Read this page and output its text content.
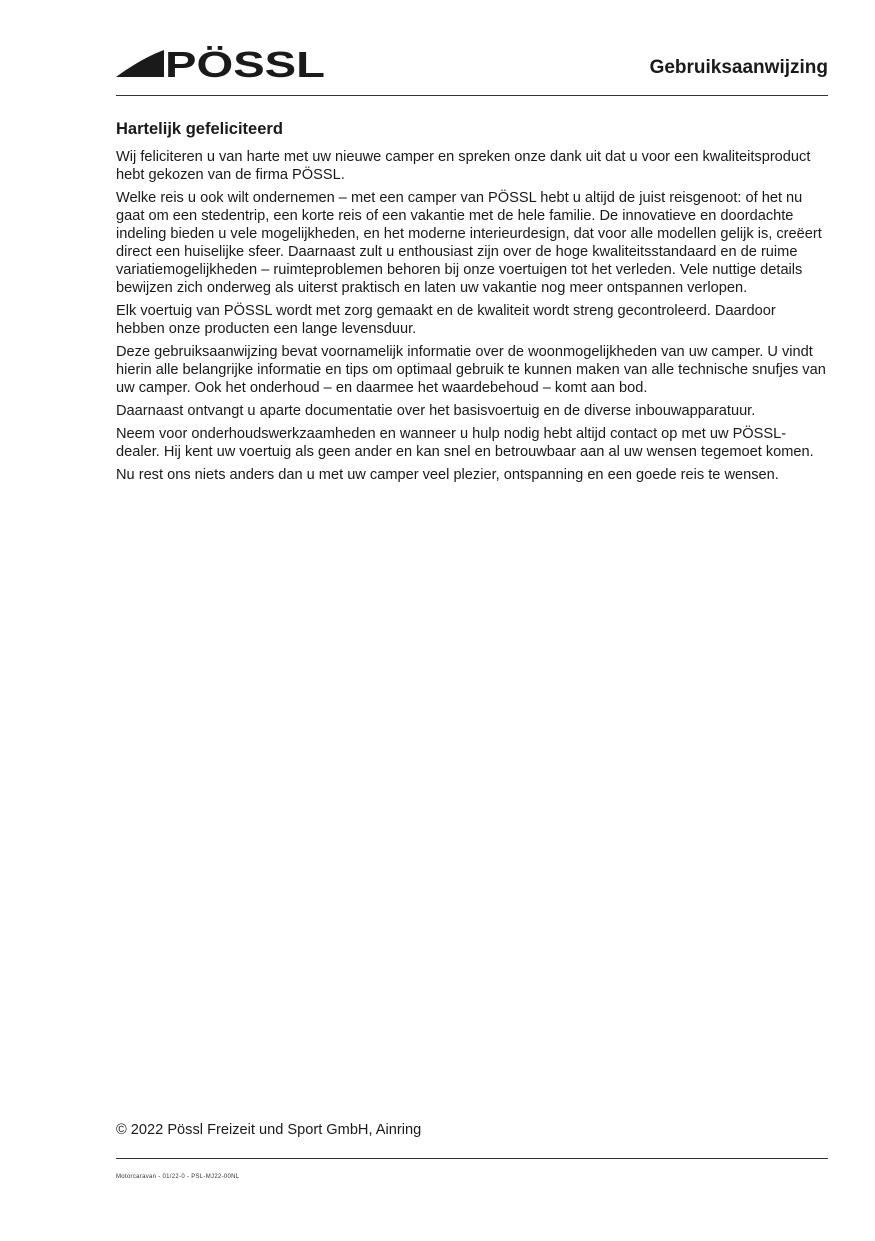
PÖSSL	Gebruiksaanwijzing
Hartelijk gefeliciteerd

Wij feliciteren u van harte met uw nieuwe camper en spreken onze dank uit dat u voor een kwaliteitsproduct hebt gekozen van de firma PÖSSL.

Welke reis u ook wilt ondernemen – met een camper van PÖSSL hebt u altijd de juist reisgenoot: of het nu gaat om een stedentrip, een korte reis of een vakantie met de hele familie. De innovatieve en doordachte indeling bieden u vele mogelijkheden, en het moderne interieurdesign, dat voor alle modellen gelijk is, creëert direct een huiselijke sfeer. Daarnaast zult u enthousiast zijn over de hoge kwaliteitsstandaard en de ruime variatiemogelijkheden – ruimteproblemen behoren bij onze voertuigen tot het verleden. Vele nuttige details bewijzen zich onderweg als uiterst praktisch en laten uw vakantie nog meer ontspannen verlopen.

Elk voertuig van PÖSSL wordt met zorg gemaakt en de kwaliteit wordt streng gecontroleerd. Daardoor hebben onze producten een lange levensduur.

Deze gebruiksaanwijzing bevat voornamelijk informatie over de woonmogelijkheden van uw camper. U vindt hierin alle belangrijke informatie en tips om optimaal gebruik te kunnen maken van alle technische snufjes van uw camper. Ook het onderhoud – en daarmee het waardebehoud – komt aan bod.

Daarnaast ontvangt u aparte documentatie over het basisvoertuig en de diverse inbouwapparatuur.

Neem voor onderhoudswerkzaamheden en wanneer u hulp nodig hebt altijd contact op met uw PÖSSL-dealer. Hij kent uw voertuig als geen ander en kan snel en betrouwbaar aan al uw wensen tegemoet komen.

Nu rest ons niets anders dan u met uw camper veel plezier, ontspanning en een goede reis te wensen.

© 2022 Pössl Freizeit und Sport GmbH, Ainring
Motorcaravan - 01/22-0 - PSL-MJ22-00NL
